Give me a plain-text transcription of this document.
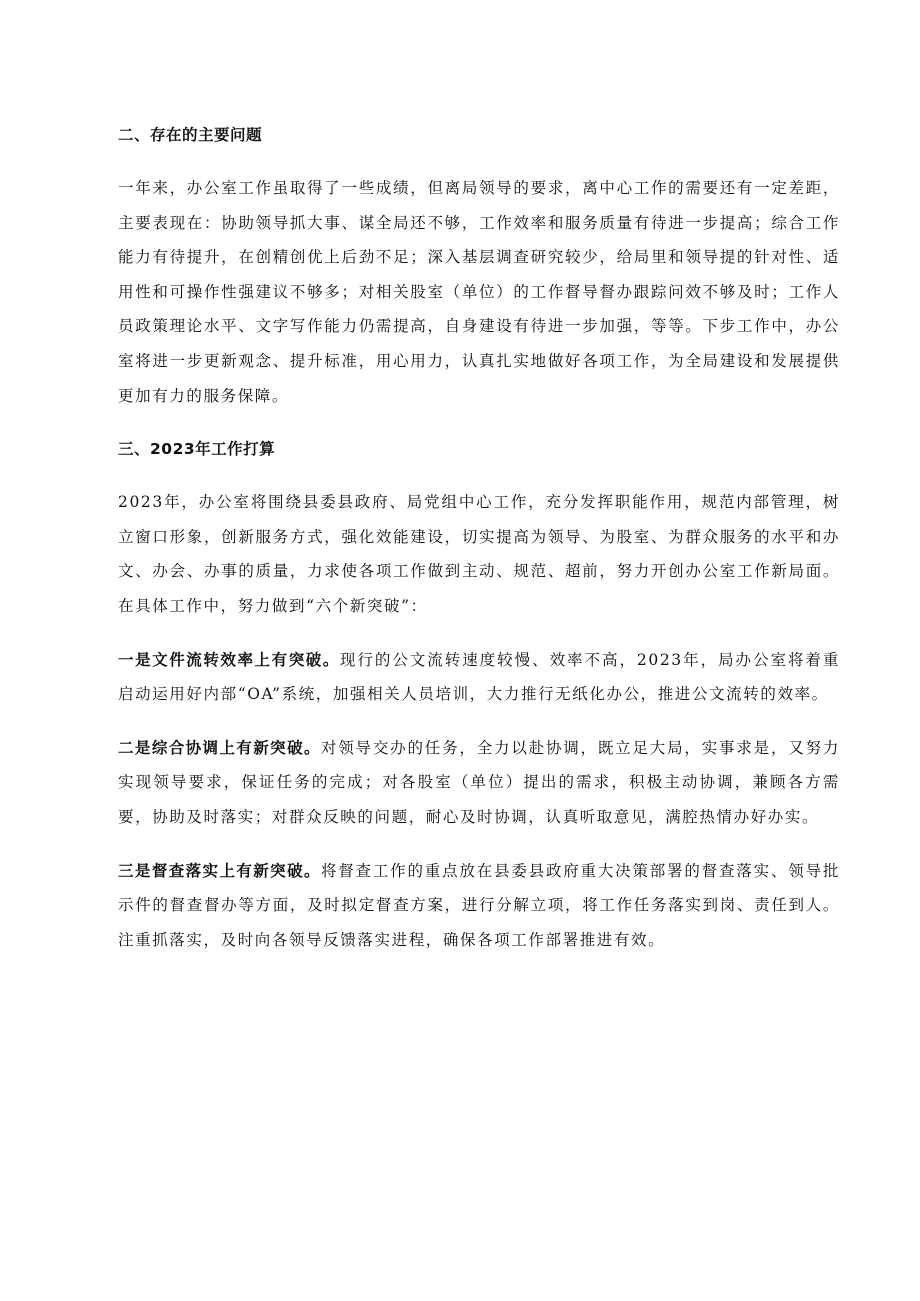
二、存在的主要问题

一年来，办公室工作虽取得了一些成绩，但离局领导的要求，离中心工作的需要还有一定差距，主要表现在：协助领导抓大事、谋全局还不够，工作效率和服务质量有待进一步提高；综合工作能力有待提升，在创精创优上后劲不足；深入基层调查研究较少，给局里和领导提的针对性、适用性和可操作性强建议不够多；对相关股室（单位）的工作督导督办跟踪问效不够及时；工作人员政策理论水平、文字写作能力仍需提高，自身建设有待进一步加强，等等。下步工作中，办公室将进一步更新观念、提升标准，用心用力，认真扎实地做好各项工作，为全局建设和发展提供更加有力的服务保障。

三、2023年工作打算

2023年，办公室将围绕县委县政府、局党组中心工作，充分发挥职能作用，规范内部管理，树立窗口形象，创新服务方式，强化效能建设，切实提高为领导、为股室、为群众服务的水平和办文、办会、办事的质量，力求使各项工作做到主动、规范、超前，努力开创办公室工作新局面。在具体工作中，努力做到“六个新突破”：

一是文件流转效率上有突破。现行的公文流转速度较慢、效率不高，2023年，局办公室将着重启动运用好内部“OA”系统，加强相关人员培训，大力推行无纸化办公，推进公文流转的效率。

二是综合协调上有新突破。对领导交办的任务，全力以赴协调，既立足大局，实事求是，又努力实现领导要求，保证任务的完成；对各股室（单位）提出的需求，积极主动协调，兼顾各方需要，协助及时落实；对群众反映的问题，耐心及时协调，认真听取意见，满腔热情办好办实。

三是督查落实上有新突破。将督查工作的重点放在县委县政府重大决策部署的督查落实、领导批示件的督查督办等方面，及时拟定督查方案，进行分解立项，将工作任务落实到岗、责任到人。注重抓落实，及时向各领导反馈落实进程，确保各项工作部署推进有效。
